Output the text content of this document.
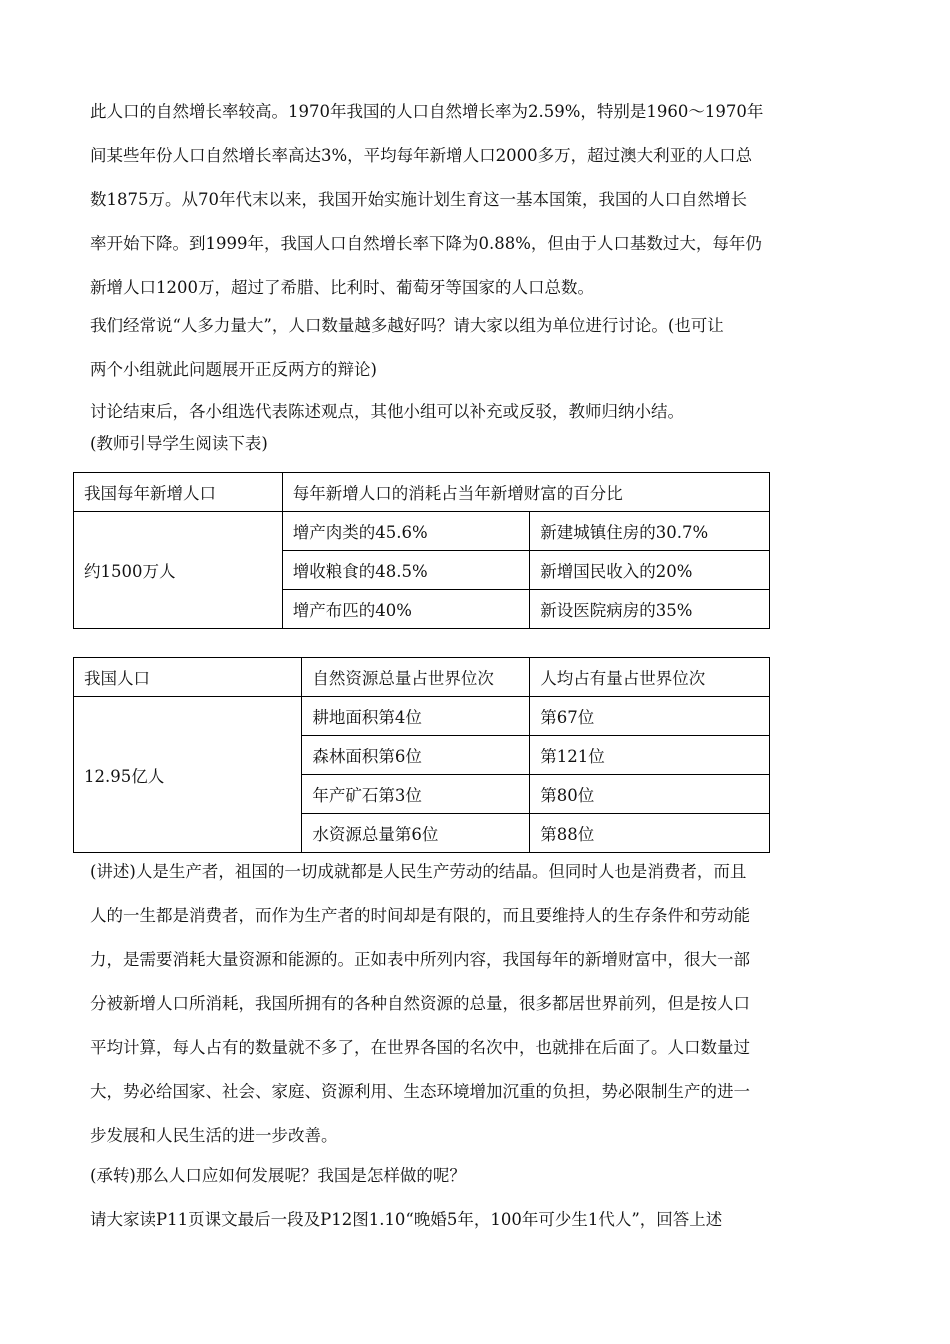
此人口的自然增长率较高。1970年我国的人口自然增长率为2.59%，特别是1960～1970年
间某些年份人口自然增长率高达3%，平均每年新增人口2000多万，超过澳大利亚的人口总
数1875万。从70年代末以来，我国开始实施计划生育这一基本国策，我国的人口自然增长
率开始下降。到1999年，我国人口自然增长率下降为0.88%，但由于人口基数过大，每年仍
新增人口1200万，超过了希腊、比利时、葡萄牙等国家的人口总数。

我们经常说“人多力量大”，人口数量越多越好吗？请大家以组为单位进行讨论。(也可让
两个小组就此问题展开正反两方的辩论)

讨论结束后，各小组选代表陈述观点，其他小组可以补充或反驳，教师归纳小结。

(教师引导学生阅读下表)

我国每年新增人口	每年新增人口的消耗占当年新增财富的百分比	
约1500万人	增产肉类的45.6%	新建城镇住房的30.7%
	增收粮食的48.5%	新增国民收入的20%
	增产布匹的40%	新设医院病房的35%
我国人口	自然资源总量占世界位次	人均占有量占世界位次
12.95亿人	耕地面积第4位	第67位
	森林面积第6位	第121位
	年产矿石第3位	第80位
	水资源总量第6位	第88位

(讲述)人是生产者，祖国的一切成就都是人民生产劳动的结晶。但同时人也是消费者，而且
人的一生都是消费者，而作为生产者的时间却是有限的，而且要维持人的生存条件和劳动能
力，是需要消耗大量资源和能源的。正如表中所列内容，我国每年的新增财富中，很大一部
分被新增人口所消耗，我国所拥有的各种自然资源的总量，很多都居世界前列，但是按人口
平均计算，每人占有的数量就不多了，在世界各国的名次中，也就排在后面了。人口数量过
大，势必给国家、社会、家庭、资源利用、生态环境增加沉重的负担，势必限制生产的进一
步发展和人民生活的进一步改善。

(承转)那么人口应如何发展呢？我国是怎样做的呢？

请大家读P11页课文最后一段及P12图1.10“晚婚5年，100年可少生1代人”，回答上述
